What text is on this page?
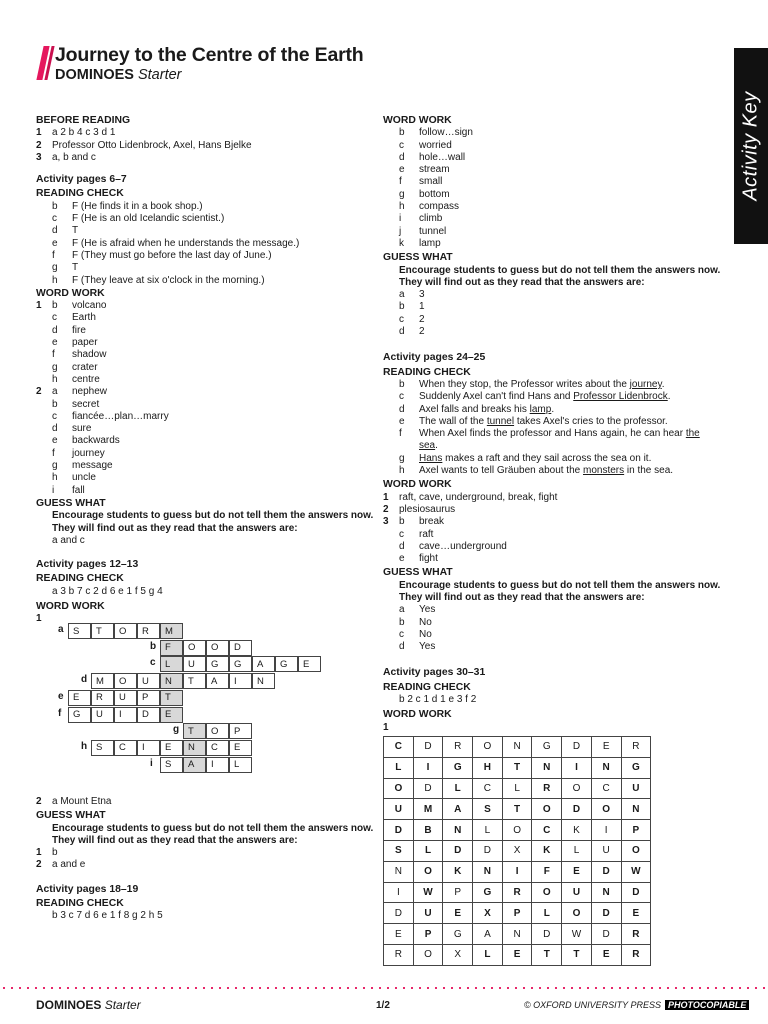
Journey to the Centre of the Earth
DOMINOES Starter
Activity Key
BEFORE READING
1	a 2 b 4 c 3 d 1
2	Professor Otto Lidenbrock, Axel, Hans Bjelke
3	a, b and c
Activity pages 6–7
READING CHECK
b	F (He finds it in a book shop.)
c	F (He is an old Icelandic scientist.)
d	T
e	F (He is afraid when he understands the message.)
f	F (They must go before the last day of June.)
g	T
h	F (They leave at six o'clock in the morning.)
WORD WORK
1	b	volcano
c	Earth
d	fire
e	paper
f	shadow
g	crater
h	centre
2	a	nephew
b	secret
c	fiancée…plan…marry
d	sure
e	backwards
f	journey
g	message
h	uncle
i	fall
GUESS WHAT
Encourage students to guess but do not tell them the answers now. They will find out as they read that the answers are:
a and c
Activity pages 12–13
READING CHECK
a 3 b 7 c 2 d 6 e 1 f 5 g 4
WORD WORK
1
a S	T	O	R	M
b F	O	O	D
c L	U	G	G	A	G	E
d M	O	U	N	T	A	I	N
e E	R	U	P	T
f	G	U	I	D	E
g T	O	P
h S	C	I	E	N	C	E
i	S	A	I	L
2	a Mount Etna
GUESS WHAT
Encourage students to guess but do not tell them the answers now. They will find out as they read that the answers are:
1	b
2	a and e
Activity pages 18–19
READING CHECK
b 3 c 7 d 6 e 1 f 8 g 2 h 5
WORD WORK
b	follow…sign
c	worried
d	hole…wall
e	stream
f	small
g	bottom
h	compass
i	climb
j	tunnel
k	lamp
GUESS WHAT
Encourage students to guess but do not tell them the answers now. They will find out as they read that the answers are:
a	3
b	1
c	2
d	2
Activity pages 24–25
READING CHECK
b	When they stop, the Professor writes about the journey.
c	Suddenly Axel can't find Hans and Professor Lidenbrock.
d	Axel falls and breaks his lamp.
e	The wall of the tunnel takes Axel's cries to the professor.
f	When Axel finds the professor and Hans again, he can hear the sea.
g	Hans makes a raft and they sail across the sea on it.
h	Axel wants to tell Gräuben about the monsters in the sea.
WORD WORK
1	raft, cave, underground, break, fight
2	plesiosaurus
3	b	break
c	raft
d	cave…underground
e	fight
GUESS WHAT
Encourage students to guess but do not tell them the answers now. They will find out as they read that the answers are:
a	Yes
b	No
c	No
d	Yes
Activity pages 30–31
READING CHECK
b 2 c 1 d 1 e 3 f 2
WORD WORK
1
C	D	R	O	N	G	D	E	R
L	I	G	H	T	N	I	N	G
O	D	L	C	L	R	O	C	U
U	M	A	S	T	O	D	O	N
D	B	N	L	O	C	K	I	P
S	L	D	D	X	K	L	U	O
N	O	K	N	I	F	E	D	W
I	W	P	G	R	O	U	N	D
D	U	E	X	P	L	O	D	E
E	P	G	A	N	D	W	D	R
R	O	X	L	E	T	T	E	R
DOMINOES Starter	1/2	© OXFORD UNIVERSITY PRESS PHOTOCOPIABLE
